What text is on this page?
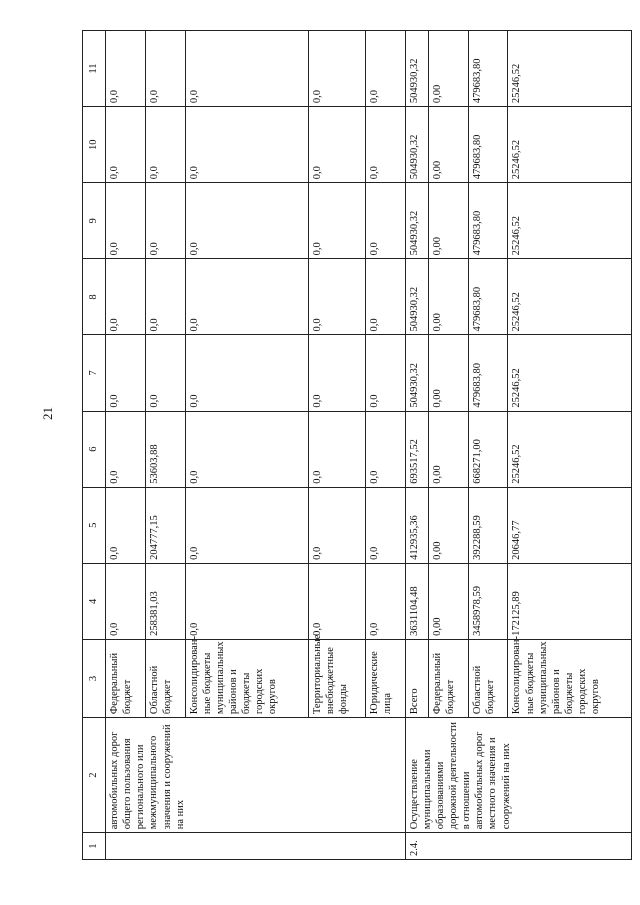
21
1	2	3	4	5	6	7	8	9	10	11
	автомобильных дорог общего пользования регионального или межмуниципального значения и сооружений на них	Федеральный бюджет	0,0	0,0	0,0	0,0	0,0	0,0	0,0	0,0
		Областной бюджет	258381,03	204777,15	53603,88	0,0	0,0	0,0	0,0	0,0
		Консолидирован-ные бюджеты муниципальных районов и бюджеты городских округов	0,0	0,0	0,0	0,0	0,0	0,0	0,0	0,0
		Территориальные внебюджетные фонды	0,0	0,0	0,0	0,0	0,0	0,0	0,0	0,0
		Юридические лица	0,0	0,0	0,0	0,0	0,0	0,0	0,0	0,0
2.4.	Осуществление муниципальными образованиями дорожной деятельности в отношении автомобильных дорог местного значения и сооружений на них	Всего	3631104,48	412935,36	693517,52	504930,32	504930,32	504930,32	504930,32	504930,32
		Федеральный бюджет	0,00	0,00	0,00	0,00	0,00	0,00	0,00	0,00
		Областной бюджет	3458978,59	392288,59	668271,00	479683,80	479683,80	479683,80	479683,80	479683,80
		Консолидирован-ные бюджеты муниципальных районов и бюджеты городских округов	172125,89	20646,77	25246,52	25246,52	25246,52	25246,52	25246,52	25246,52
